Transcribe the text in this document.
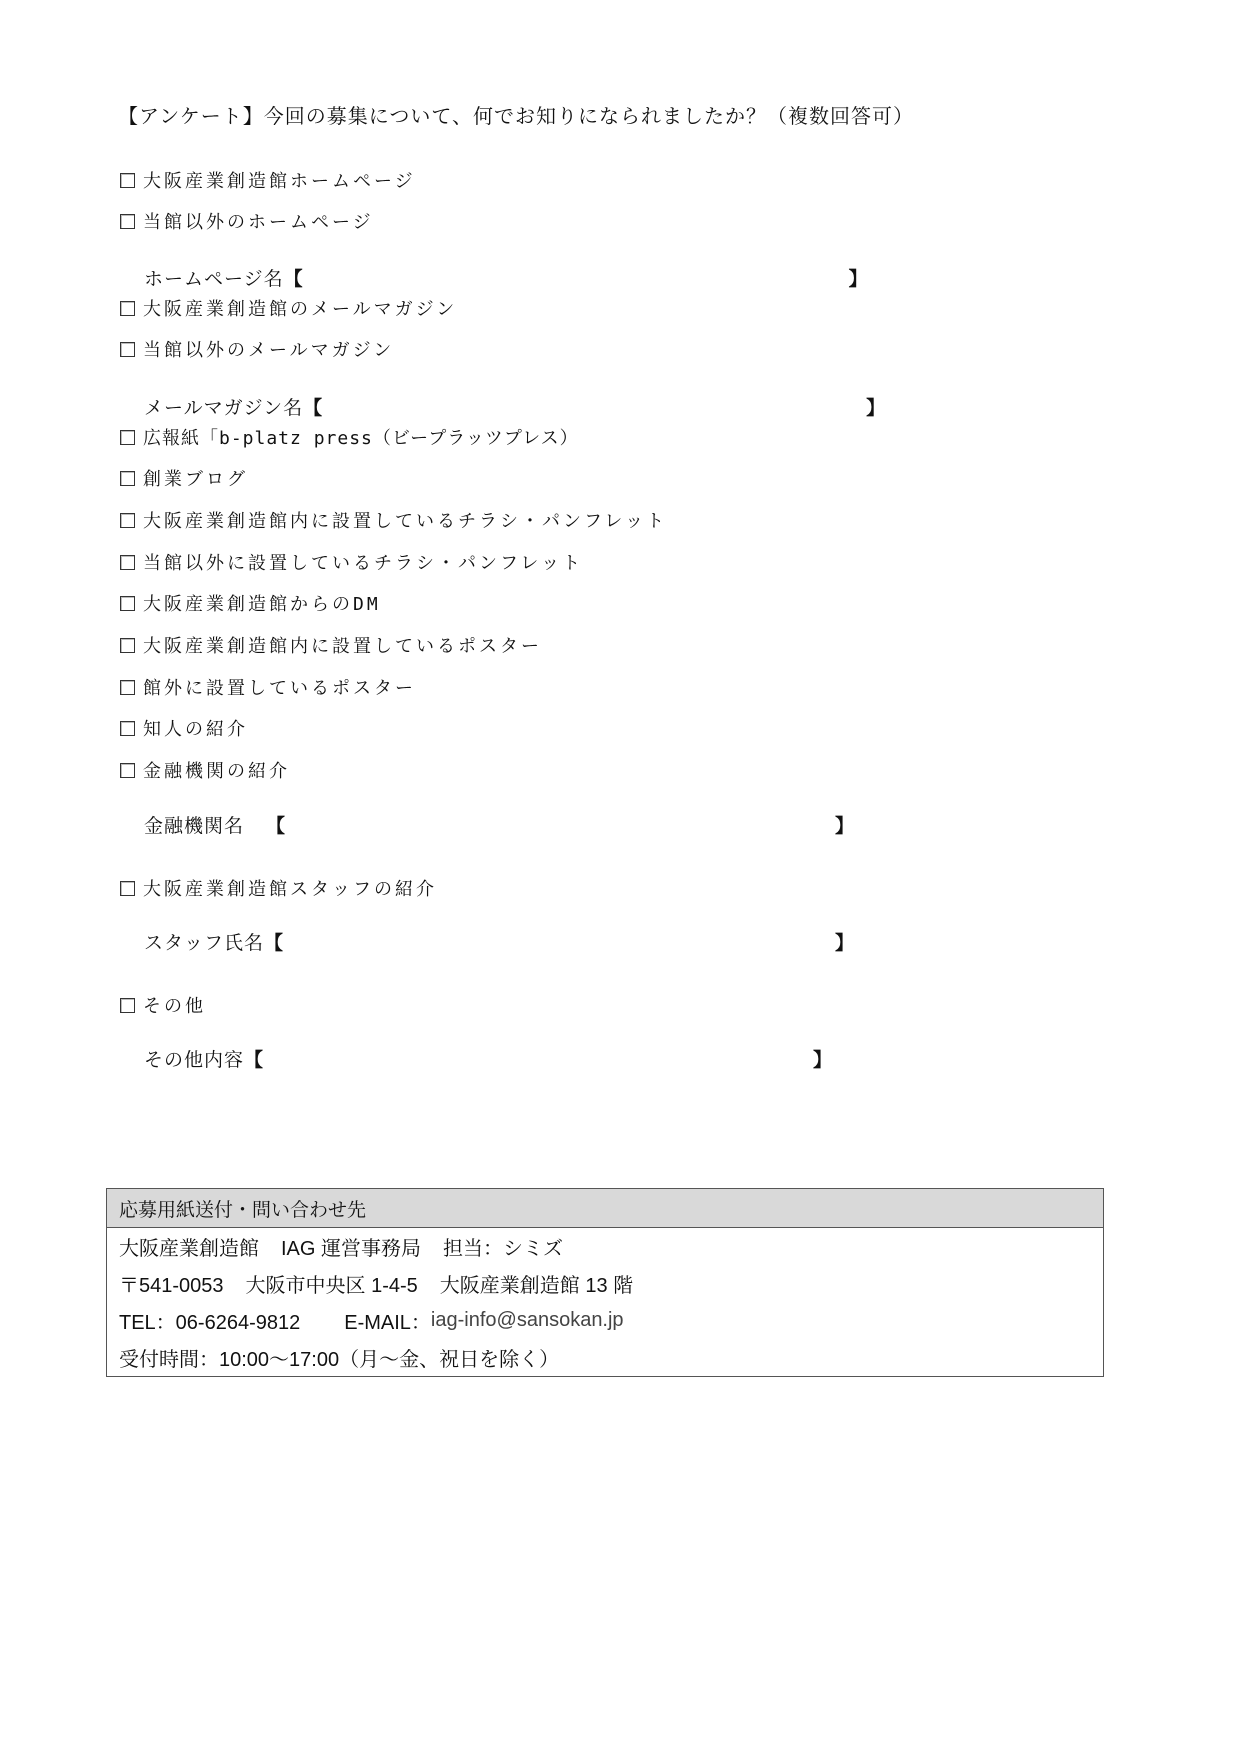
【アンケート】今回の募集について、何でお知りになられましたか？（複数回答可）
大阪産業創造館ホームページ
当館以外のホームページ
ホームページ名 【	】
大阪産業創造館のメールマガジン
当館以外のメールマガジン
メールマガジン名 【	】
広報紙「b-platz press（ビープラッツプレス）
創業ブログ
大阪産業創造館内に設置しているチラシ・パンフレット
当館以外に設置しているチラシ・パンフレット
大阪産業創造館からのDM
大阪産業創造館内に設置しているポスター
館外に設置しているポスター
知人の紹介
金融機関の紹介
金融機関名 【	】
大阪産業創造館スタッフの紹介
スタッフ氏名 【	】
その他
その他内容 【	】
応募用紙送付・問い合わせ先
大阪産業創造館 IAG 運営事務局 担当：シミズ
〒541-0053 大阪市中央区 1-4-5 大阪産業創造館 13 階
TEL：06-6264-9812 E-MAIL： iag-info@sansokan.jp
受付時間：10:00～17:00（月～金、祝日を除く）
